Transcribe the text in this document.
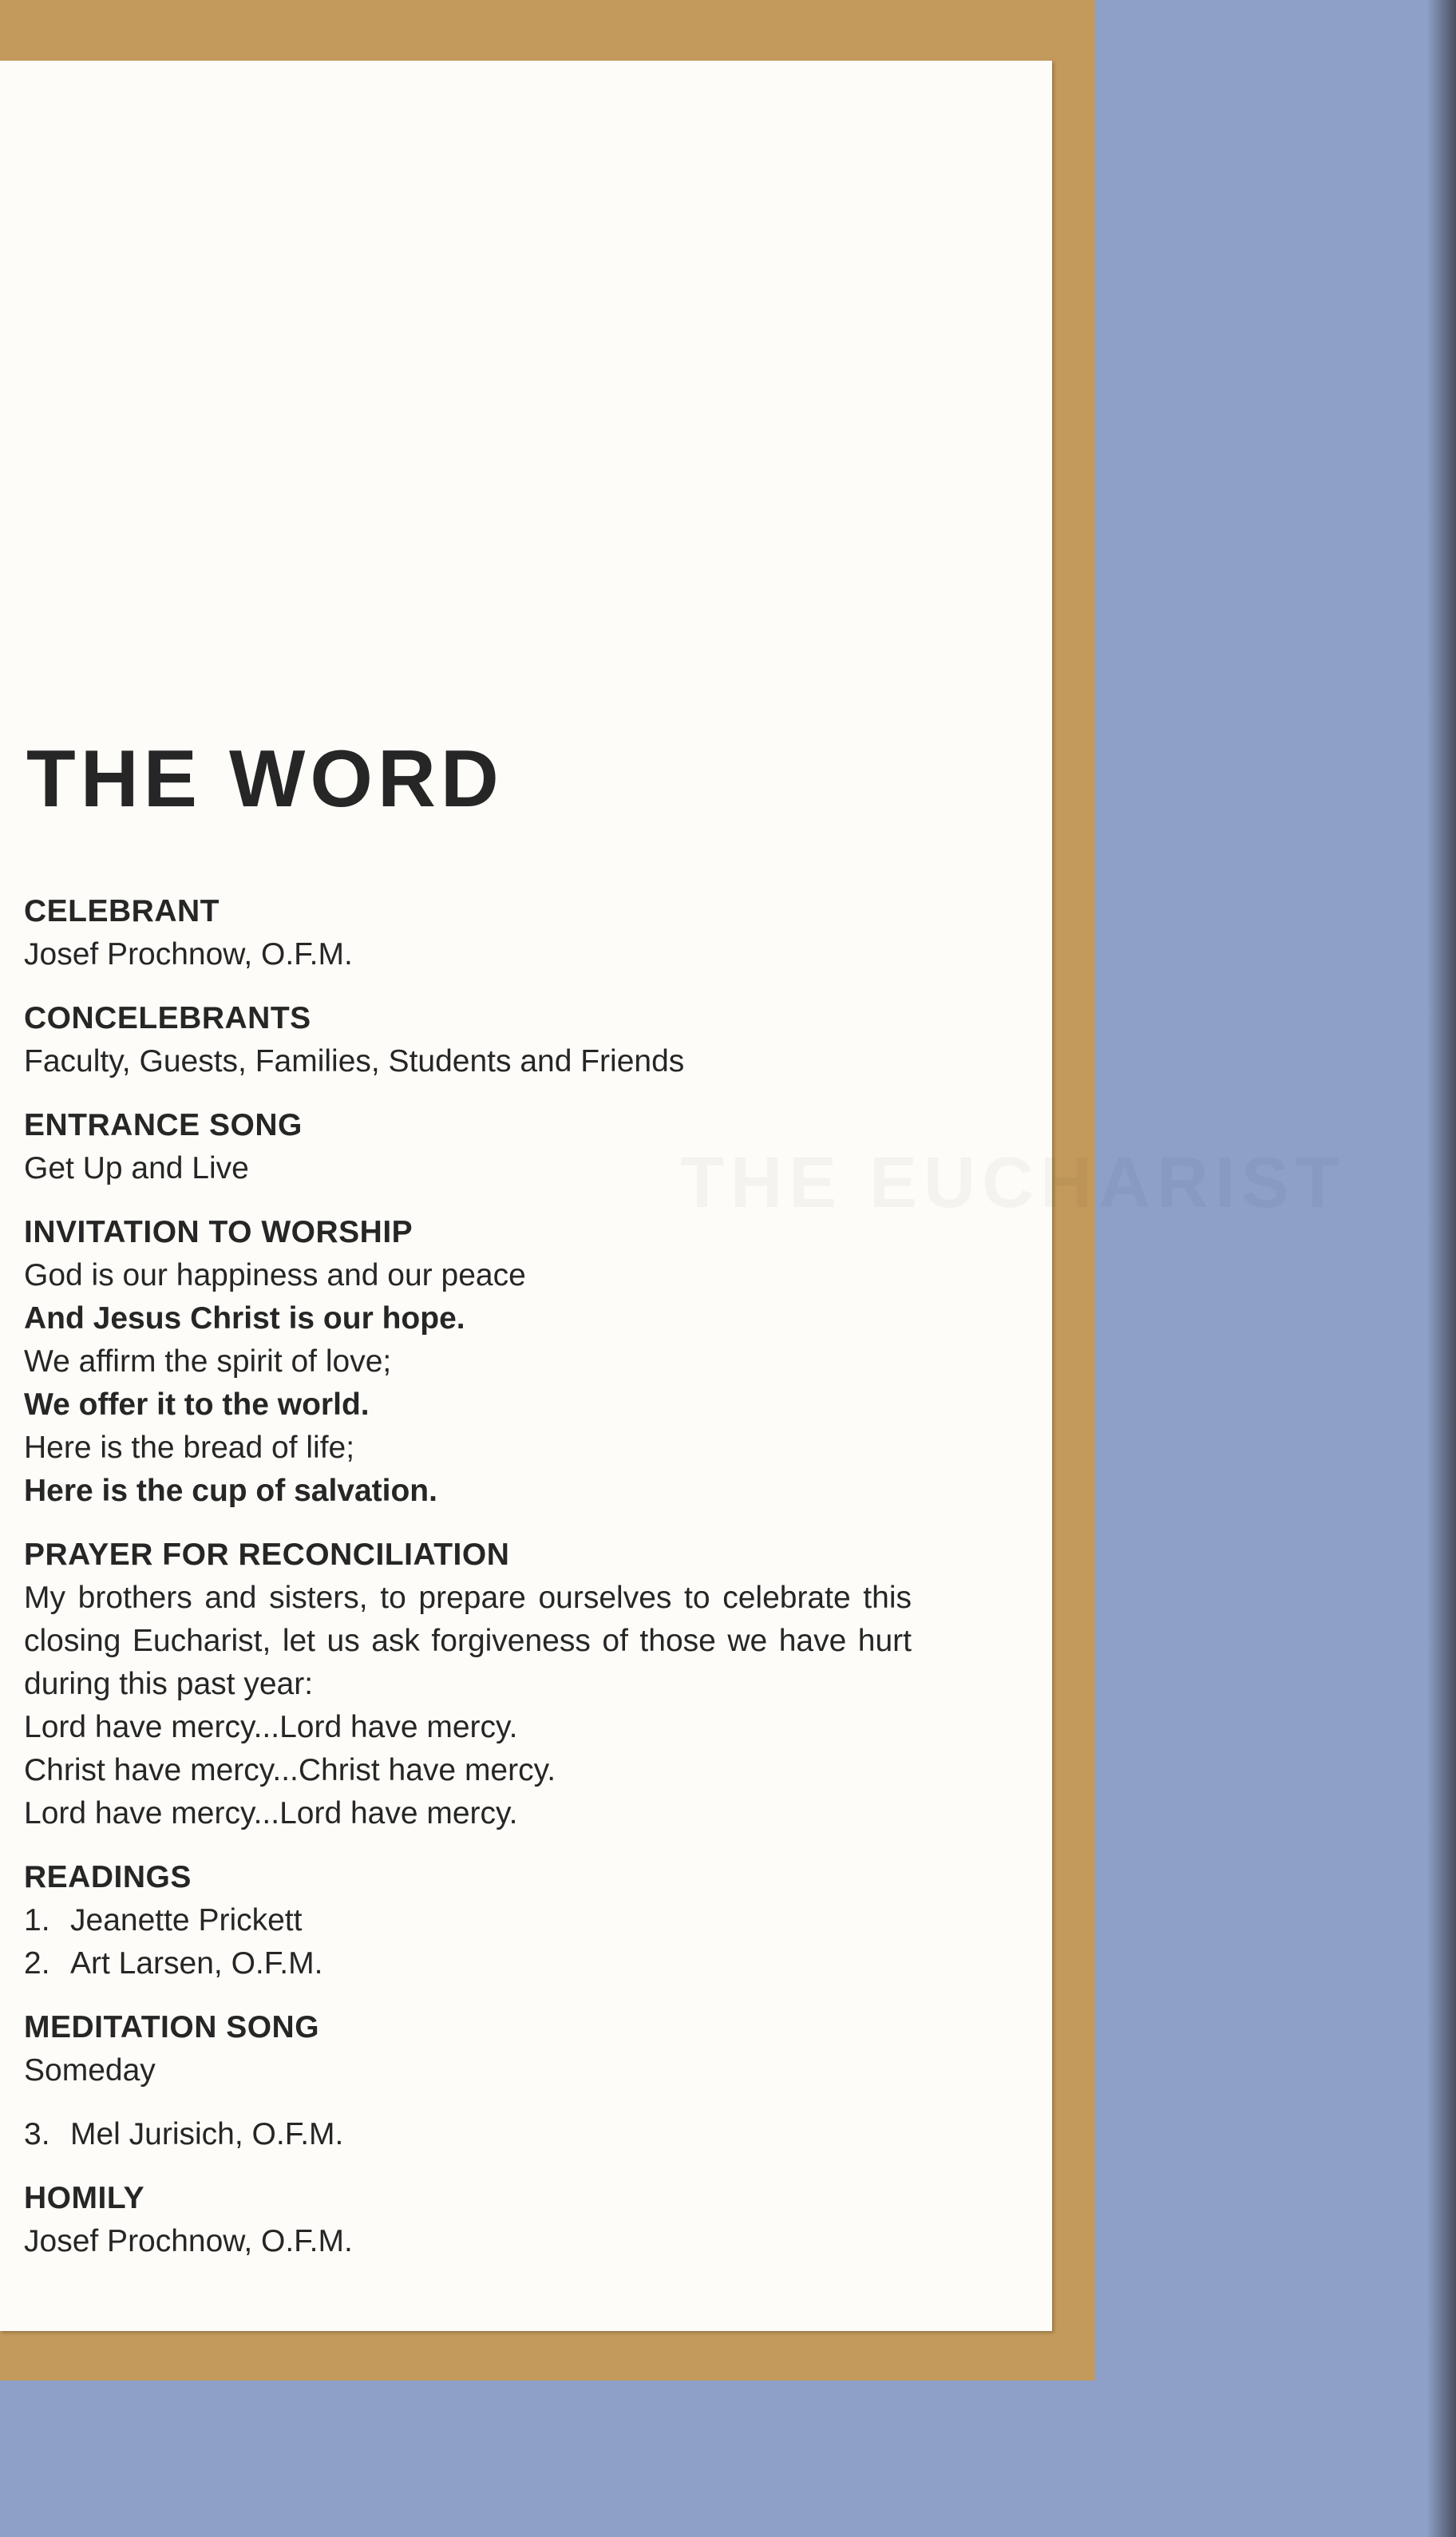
THE WORD
CELEBRANT
Josef Prochnow, O.F.M.
CONCELEBRANTS
Faculty, Guests, Families, Students and Friends
ENTRANCE SONG
Get Up and Live
INVITATION TO WORSHIP
God is our happiness and our peace
And Jesus Christ is our hope.
We affirm the spirit of love;
We offer it to the world.
Here is the bread of life;
Here is the cup of salvation.
PRAYER FOR RECONCILIATION
My brothers and sisters, to prepare ourselves to celebrate this closing Eucharist, let us ask forgiveness of those we have hurt during this past year:
Lord have mercy...Lord have mercy.
Christ have mercy...Christ have mercy.
Lord have mercy...Lord have mercy.
READINGS
1. Jeanette Prickett
2. Art Larsen, O.F.M.
MEDITATION SONG
Someday
3. Mel Jurisich, O.F.M.
HOMILY
Josef Prochnow, O.F.M.
